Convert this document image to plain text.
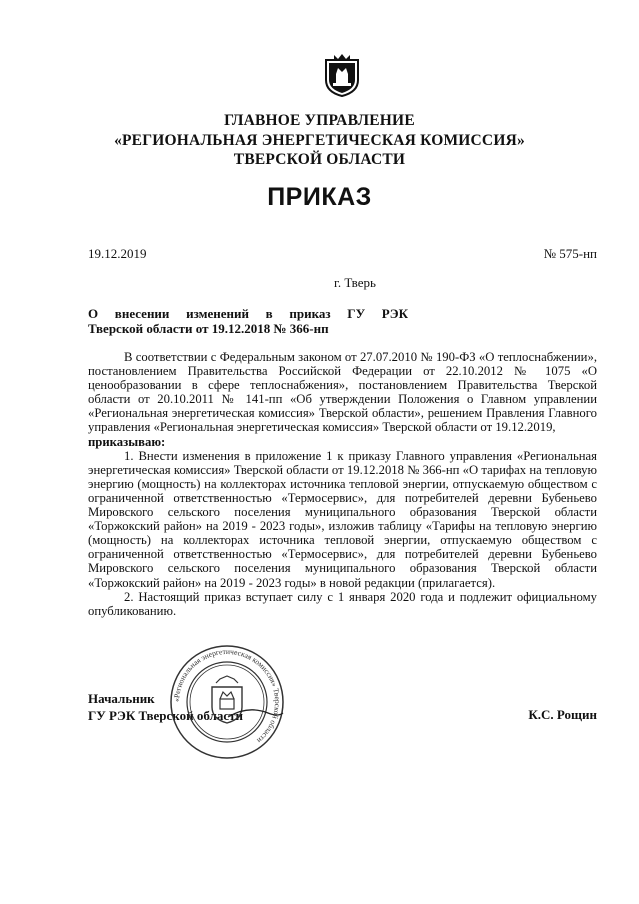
ГЛАВНОЕ УПРАВЛЕНИЕ
«РЕГИОНАЛЬНАЯ ЭНЕРГЕТИЧЕСКАЯ КОМИССИЯ»
ТВЕРСКОЙ ОБЛАСТИ
ПРИКАЗ
19.12.2019	№ 575-нп
г. Тверь
О внесении изменений в приказ ГУ РЭК
Тверской области от 19.12.2018 № 366-нп

В соответствии с Федеральным законом от 27.07.2010 № 190-ФЗ «О теплоснабжении», постановлением Правительства Российской Федерации от 22.10.2012 № 1075 «О ценообразовании в сфере теплоснабжения», постановлением Правительства Тверской области от 20.10.2011 № 141-пп «Об утверждении Положения о Главном управлении «Региональная энергетическая комиссия» Тверской области», решением Правления Главного управления «Региональная энергетическая комиссия» Тверской области от 19.12.2019,

приказываю:

1. Внести изменения в приложение 1 к приказу Главного управления «Региональная энергетическая комиссия» Тверской области от 19.12.2018 № 366-нп «О тарифах на тепловую энергию (мощность) на коллекторах источника тепловой энергии, отпускаемую обществом с ограниченной ответственностью «Термосервис», для потребителей деревни Бубеньево Мировского сельского поселения муниципального образования Тверской области «Торжокский район» на 2019 - 2023 годы», изложив таблицу «Тарифы на тепловую энергию (мощность) на коллекторах источника тепловой энергии, отпускаемую обществом с ограниченной ответственностью «Термосервис», для потребителей деревни Бубеньево Мировского сельского поселения муниципального образования Тверской области «Торжокский район» на 2019 - 2023 годы» в новой редакции (прилагается).

2. Настоящий приказ вступает силу с 1 января 2020 года и подлежит официальному опубликованию.

Начальник
ГУ РЭК Тверской области
«Региональная энергетическая комиссия» Тверской области
К.С. Рощин
